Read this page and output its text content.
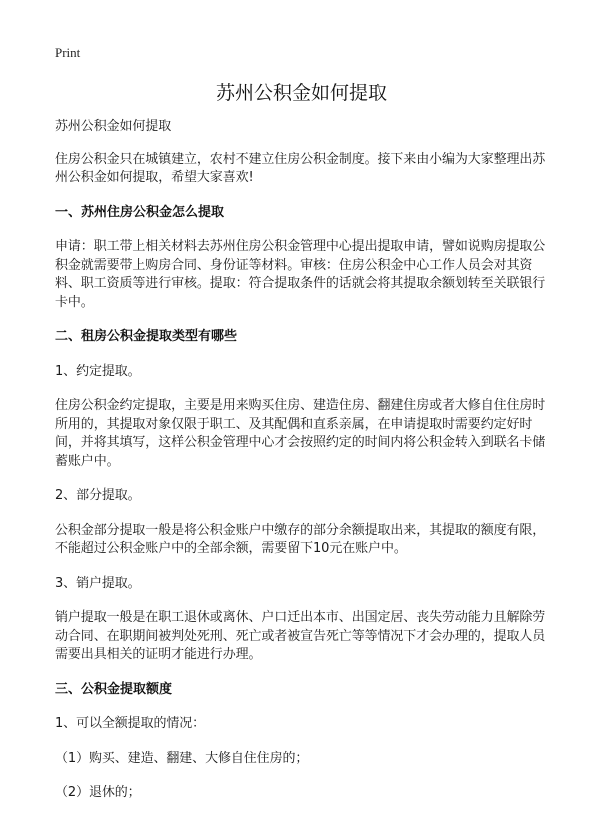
Print
苏州公积金如何提取

苏州公积金如何提取

住房公积金只在城镇建立，农村不建立住房公积金制度。接下来由小编为大家整理出苏州公积金如何提取，希望大家喜欢!

一、苏州住房公积金怎么提取

申请：职工带上相关材料去苏州住房公积金管理中心提出提取申请，譬如说购房提取公积金就需要带上购房合同、身份证等材料。审核：住房公积金中心工作人员会对其资料、职工资质等进行审核。提取：符合提取条件的话就会将其提取余额划转至关联银行卡中。

二、租房公积金提取类型有哪些

1、约定提取。

住房公积金约定提取，主要是用来购买住房、建造住房、翻建住房或者大修自住住房时所用的，其提取对象仅限于职工、及其配偶和直系亲属，在申请提取时需要约定好时间，并将其填写，这样公积金管理中心才会按照约定的时间内将公积金转入到联名卡储蓄账户中。

2、部分提取。

公积金部分提取一般是将公积金账户中缴存的部分余额提取出来，其提取的额度有限，不能超过公积金账户中的全部余额，需要留下10元在账户中。

3、销户提取。

销户提取一般是在职工退休或离休、户口迁出本市、出国定居、丧失劳动能力且解除劳动合同、在职期间被判处死刑、死亡或者被宣告死亡等等情况下才会办理的，提取人员需要出具相关的证明才能进行办理。

三、公积金提取额度

1、可以全额提取的情况：

（1）购买、建造、翻建、大修自住住房的；

（2）退休的；
